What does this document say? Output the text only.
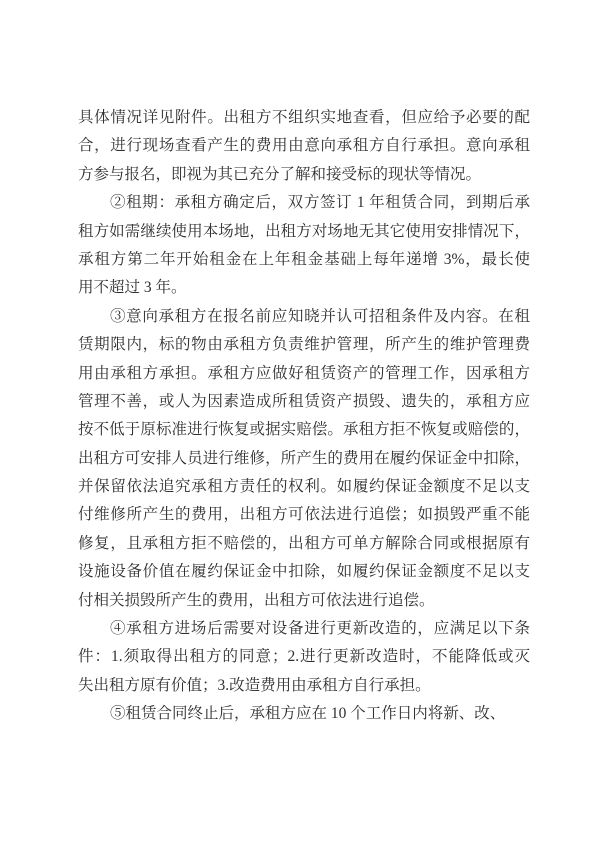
具体情况详见附件。出租方不组织实地查看，但应给予必要的配
合，进行现场查看产生的费用由意向承租方自行承担。意向承租
方参与报名，即视为其已充分了解和接受标的现状等情况。
②租期：承租方确定后，双方签订 1 年租赁合同，到期后承
租方如需继续使用本场地，出租方对场地无其它使用安排情况下，
承租方第二年开始租金在上年租金基础上每年递增 3%，最长使
用不超过 3 年。
③意向承租方在报名前应知晓并认可招租条件及内容。在租
赁期限内，标的物由承租方负责维护管理，所产生的维护管理费
用由承租方承担。承租方应做好租赁资产的管理工作，因承租方
管理不善，或人为因素造成所租赁资产损毁、遗失的，承租方应
按不低于原标准进行恢复或据实赔偿。承租方拒不恢复或赔偿的，
出租方可安排人员进行维修，所产生的费用在履约保证金中扣除，
并保留依法追究承租方责任的权利。如履约保证金额度不足以支
付维修所产生的费用，出租方可依法进行追偿；如损毁严重不能
修复，且承租方拒不赔偿的，出租方可单方解除合同或根据原有
设施设备价值在履约保证金中扣除，如履约保证金额度不足以支
付相关损毁所产生的费用，出租方可依法进行追偿。
④承租方进场后需要对设备进行更新改造的，应满足以下条
件：1.须取得出租方的同意；2.进行更新改造时，不能降低或灭
失出租方原有价值；3.改造费用由承租方自行承担。
⑤租赁合同终止后，承租方应在 10 个工作日内将新、改、
